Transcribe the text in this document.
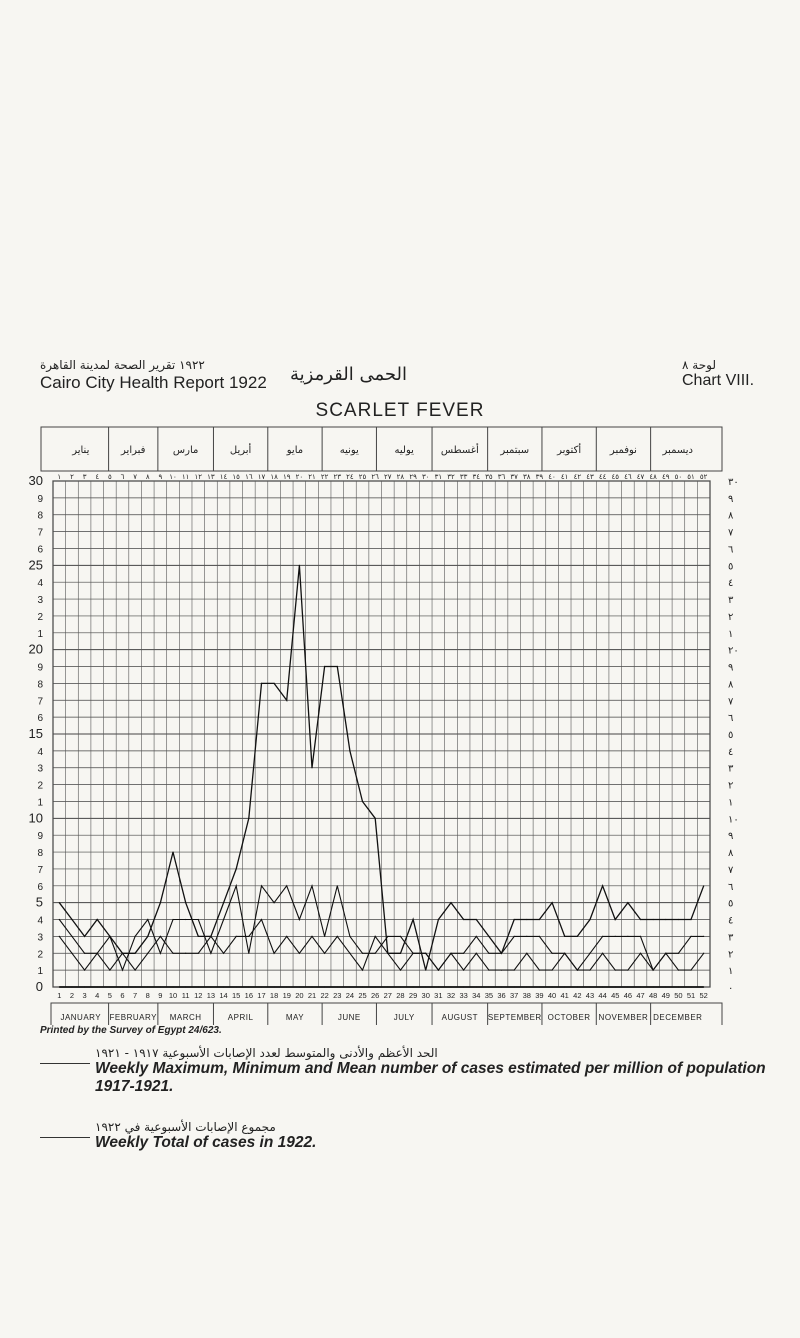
١٩٢٢ تقرير الصحة لمدينة القاهرة
Cairo City Health Report 1922 الحمى القرمزية	لوحة ٨
Chart VIII.
SCARLET FEVER
30
9
8
7
6
25
4
3
2
1
20
9
8
7
6
15
4
3
2
1
10
9
8
7
6
5
4
3
2
1
0
٣٠
٩
٨
٧
٦
٥
٤
٣
٢
١
٢٠
٩
٨
٧
٦
٥
٤
٣
٢
١
١٠
٩
٨
٧
٦
٥
٤
٣
٢
١
٠
١ ٢ ٣ ٤ ٥ ٦ ٧ ٨ ٩ ١٠ ١١ ١٢ ١٣ ١٤ ١٥ ١٦ ١٧ ١٨ ١٩ ٢٠ ٢١ ٢٢ ٢٣ ٢٤ ٢٥ ٢٦ ٢٧ ٢٨ ٢٩ ٣٠ ٣١ ٣٢ ٣٣ ٣٤ ٣٥ ٣٦ ٣٧ ٣٨ ٣٩ ٤٠ ٤١ ٤٢ ٤٣ ٤٤ ٤٥ ٤٦ ٤٧ ٤٨ ٤٩ ٥٠ ٥١ ٥٢
1 2 3 4 5 6 7 8 9 10 11 12 13 14 15 16 17 18 19 20 21 22 23 24 25 26 27 28 29 30 31 32 33 34 35 36 37 38 39 40 41 42 43 44 45 46 47 48 49 50 51 52
JANUARY
يناير
FEBRUARY
فبراير
MARCH
مارس
APRIL
أبريل
MAY
مايو
JUNE
يونيه
JULY
يوليه
AUGUST
أغسطس
SEPTEMBER
سبتمبر
OCTOBER
أكتوبر
NOVEMBER
نوفمبر
DECEMBER
ديسمبر
Printed by the Survey of Egypt 24/623.
الحد الأعظم والأدنى والمتوسط لعدد الإصابات الأسبوعية ١٩١٧ - ١٩٢١
Weekly Maximum, Minimum and Mean number of cases estimated per million of population 1917-1921.
مجموع الإصابات الأسبوعية في ١٩٢٢
Weekly Total of cases in 1922.
